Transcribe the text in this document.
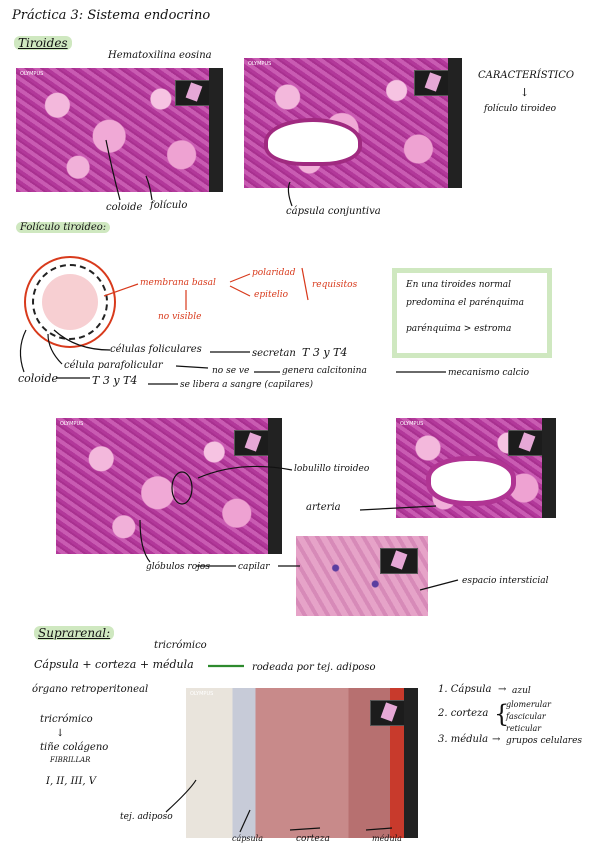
Práctica 3: Sistema endocrino
Tiroides
Hematoxilina eosina
OLYMPUS
OLYMPUS
CARACTERÍSTICO
↓
folículo tiroideo
coloide folículo
cápsula conjuntiva
Folículo tiroideo:
membrana basal
polaridad
epitelio
requisitos
no visible
En una tiroides normal
predomina el parénquima
parénquima > estroma
células foliculares	secretan T 3 y T4
célula parafolicular	no se ve	genera calcitonina	mecanismo calcio
coloide	T 3 y T4	se libera a sangre (capilares)
OLYMPUS	OLYMPUS
lobulillo tiroideo
arteria
glóbulos rojos	capilar
espacio intersticial
Suprarenal:
tricrómico
Cápsula + corteza + médula	rodeada por tej. adiposo
órgano retroperitoneal	OLYMPUS
tricrómico
↓
tiñe colágeno
FIBRILLAR
I, II, III, V
1. Cápsula → azul
2. corteza {
glomerular
fascicular
reticular
3. médula → grupos celulares
tej. adiposo
cápsula	corteza	médula
